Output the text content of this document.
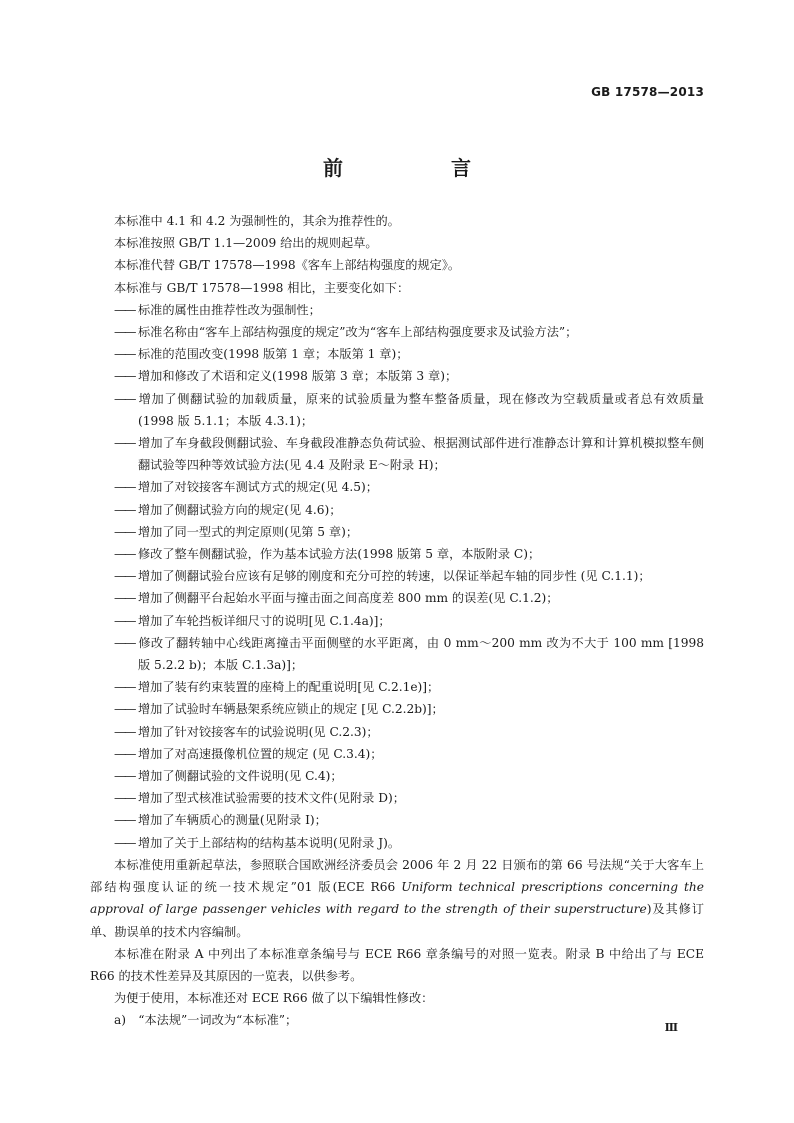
GB 17578—2013
前　言

本标准中 4.1 和 4.2 为强制性的，其余为推荐性的。

本标准按照 GB/T 1.1—2009 给出的规则起草。

本标准代替 GB/T 17578—1998《客车上部结构强度的规定》。

本标准与 GB/T 17578—1998 相比，主要变化如下：

—— 标准的属性由推荐性改为强制性；

—— 标准名称由“客车上部结构强度的规定”改为“客车上部结构强度要求及试验方法”；

—— 标准的范围改变(1998 版第 1 章；本版第 1 章)；

—— 增加和修改了术语和定义(1998 版第 3 章；本版第 3 章)；

—— 增加了侧翻试验的加载质量，原来的试验质量为整车整备质量，现在修改为空载质量或者总有效质量(1998 版 5.1.1；本版 4.3.1)；

—— 增加了车身截段侧翻试验、车身截段准静态负荷试验、根据测试部件进行准静态计算和计算机模拟整车侧翻试验等四种等效试验方法(见 4.4 及附录 E～附录 H)；

—— 增加了对铰接客车测试方式的规定(见 4.5)；

—— 增加了侧翻试验方向的规定(见 4.6)；

—— 增加了同一型式的判定原则(见第 5 章)；

—— 修改了整车侧翻试验，作为基本试验方法(1998 版第 5 章，本版附录 C)；

—— 增加了侧翻试验台应该有足够的刚度和充分可控的转速，以保证举起车轴的同步性 (见 C.1.1)；

—— 增加了侧翻平台起始水平面与撞击面之间高度差 800 mm 的误差(见 C.1.2)；

—— 增加了车轮挡板详细尺寸的说明[见 C.1.4a)]；

—— 修改了翻转轴中心线距离撞击平面侧壁的水平距离，由 0 mm～200 mm 改为不大于 100 mm [1998 版 5.2.2 b)；本版 C.1.3a)]；

—— 增加了装有约束装置的座椅上的配重说明[见 C.2.1e)]；

—— 增加了试验时车辆悬架系统应锁止的规定 [见 C.2.2b)]；

—— 增加了针对铰接客车的试验说明(见 C.2.3)；

—— 增加了对高速摄像机位置的规定 (见 C.3.4)；

—— 增加了侧翻试验的文件说明(见 C.4)；

—— 增加了型式核准试验需要的技术文件(见附录 D)；

—— 增加了车辆质心的测量(见附录 I)；

—— 增加了关于上部结构的结构基本说明(见附录 J)。

本标准使用重新起草法，参照联合国欧洲经济委员会 2006 年 2 月 22 日颁布的第 66 号法规“关于大客车上部结构强度认证的统一技术规定”01 版(ECE R66 Uniform technical prescriptions concerning the approval of large passenger vehicles with regard to the strength of their superstructure)及其修订单、勘误单的技术内容编制。

本标准在附录 A 中列出了本标准章条编号与 ECE R66 章条编号的对照一览表。附录 B 中给出了与 ECE R66 的技术性差异及其原因的一览表，以供参考。

为便于使用，本标准还对 ECE R66 做了以下编辑性修改：

a)　“本法规”一词改为“本标准”；

Ⅲ
